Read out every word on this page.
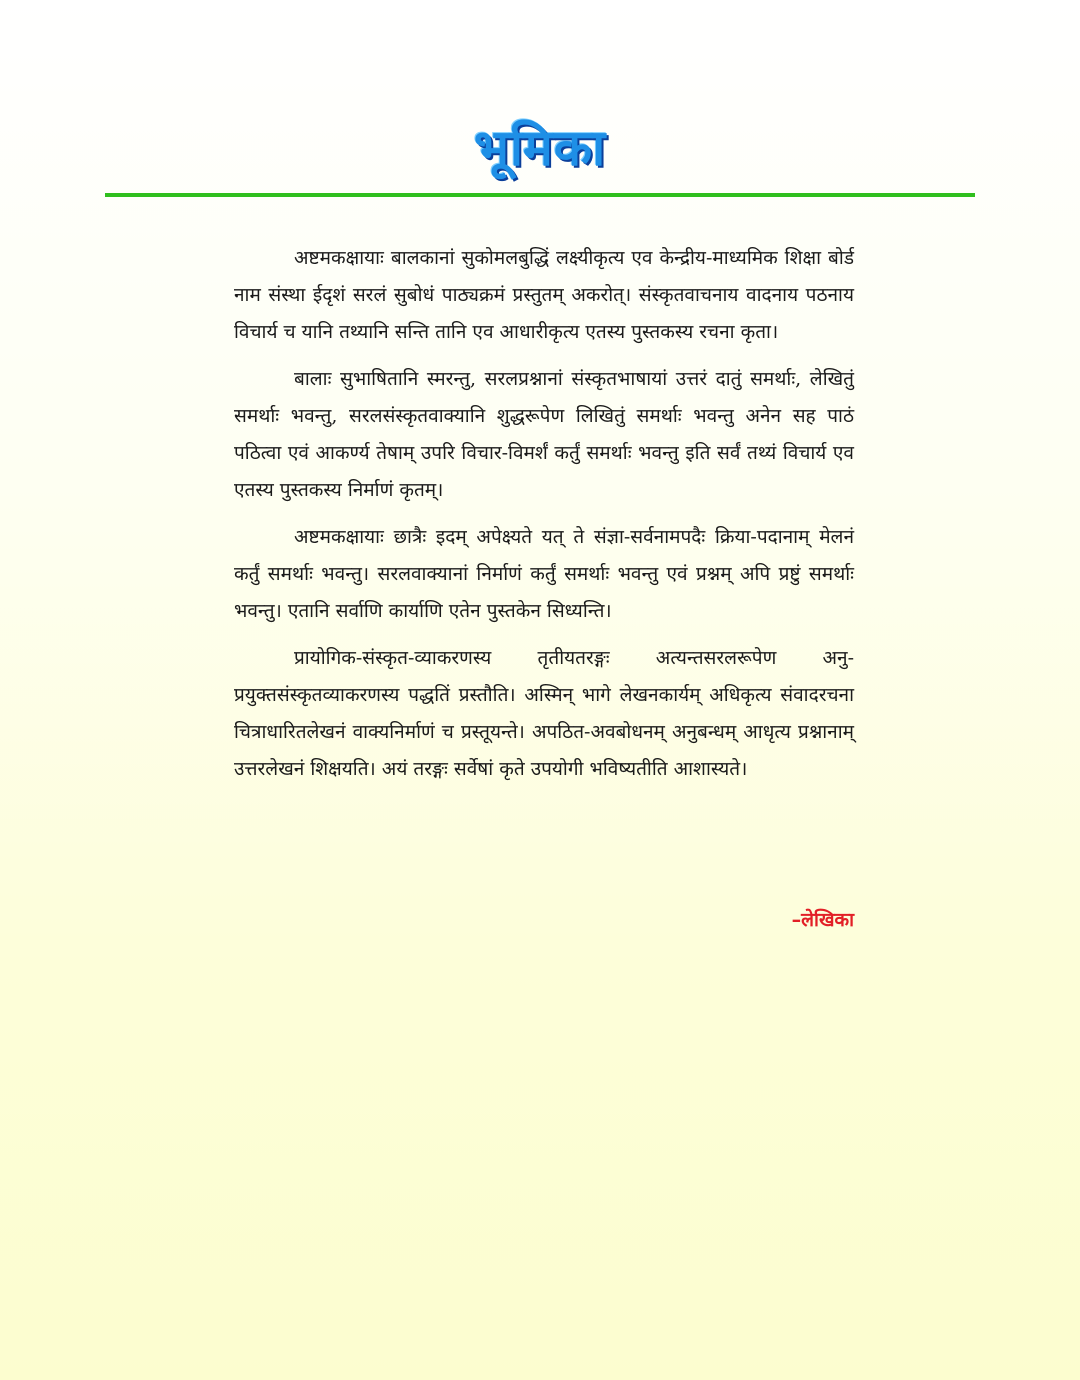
भूमिका

अष्टमकक्षायाः बालकानां सुकोमलबुद्धिं लक्ष्यीकृत्य एव केन्द्रीय-माध्यमिक शिक्षा बोर्ड नाम संस्था ईदृशं सरलं सुबोधं पाठ्यक्रमं प्रस्तुतम् अकरोत्। संस्कृतवाचनाय वादनाय पठनाय विचार्य च यानि तथ्यानि सन्ति तानि एव आधारीकृत्य एतस्य पुस्तकस्य रचना कृता।

बालाः सुभाषितानि स्मरन्तु, सरलप्रश्नानां संस्कृतभाषायां उत्तरं दातुं समर्थाः, लेखितुं समर्थाः भवन्तु, सरलसंस्कृतवाक्यानि शुद्धरूपेण लिखितुं समर्थाः भवन्तु अनेन सह पाठं पठित्वा एवं आकर्ण्य तेषाम् उपरि विचार-विमर्शं कर्तुं समर्थाः भवन्तु इति सर्वं तथ्यं विचार्य एव एतस्य पुस्तकस्य निर्माणं कृतम्।

अष्टमकक्षायाः छात्रैः इदम् अपेक्ष्यते यत् ते संज्ञा-सर्वनामपदैः क्रिया-पदानाम् मेलनं कर्तुं समर्थाः भवन्तु। सरलवाक्यानां निर्माणं कर्तुं समर्थाः भवन्तु एवं प्रश्नम् अपि प्रष्टुं समर्थाः भवन्तु। एतानि सर्वाणि कार्याणि एतेन पुस्तकेन सिध्यन्ति।

प्रायोगिक-संस्कृत-व्याकरणस्य तृतीयतरङ्गः अत्यन्तसरलरूपेण अनु-प्रयुक्तसंस्कृतव्याकरणस्य पद्धतिं प्रस्तौति। अस्मिन् भागे लेखनकार्यम् अधिकृत्य संवादरचना चित्राधारितलेखनं वाक्यनिर्माणं च प्रस्तूयन्ते। अपठित-अवबोधनम् अनुबन्धम् आधृत्य प्रश्नानाम् उत्तरलेखनं शिक्षयति। अयं तरङ्गः सर्वेषां कृते उपयोगी भविष्यतीति आशास्यते।

–लेखिका
